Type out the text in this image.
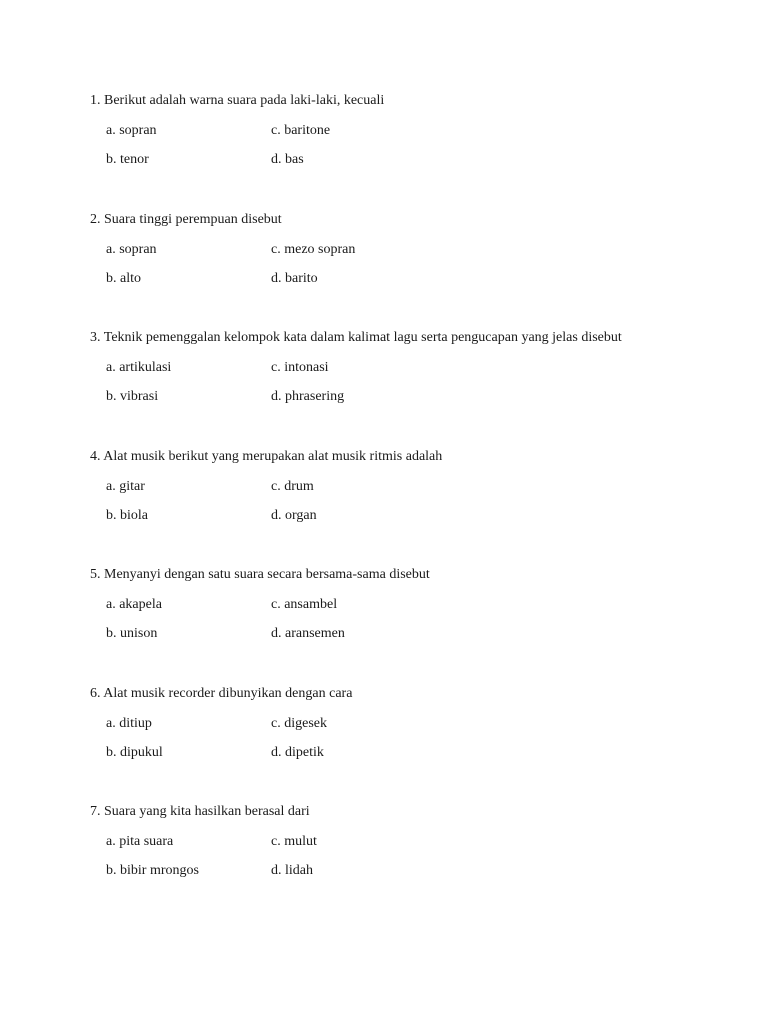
1. Berikut adalah warna suara pada laki-laki, kecuali
a. sopran	c. baritone
b. tenor	d. bas
2. Suara tinggi perempuan disebut
a. sopran	c. mezo sopran
b. alto	d. barito
3. Teknik pemenggalan kelompok kata dalam kalimat lagu serta pengucapan yang jelas disebut
a. artikulasi	c. intonasi
b. vibrasi	d. phrasering
4. Alat musik berikut yang merupakan alat musik ritmis adalah
a. gitar	c. drum
b. biola	d. organ
5. Menyanyi dengan satu suara secara bersama-sama disebut
a. akapela	c. ansambel
b. unison	d. aransemen
6. Alat musik recorder dibunyikan dengan cara
a. ditiup	c. digesek
b. dipukul	d. dipetik
7. Suara yang kita hasilkan berasal dari
a. pita suara	c. mulut
b. bibir mrongos	d. lidah
